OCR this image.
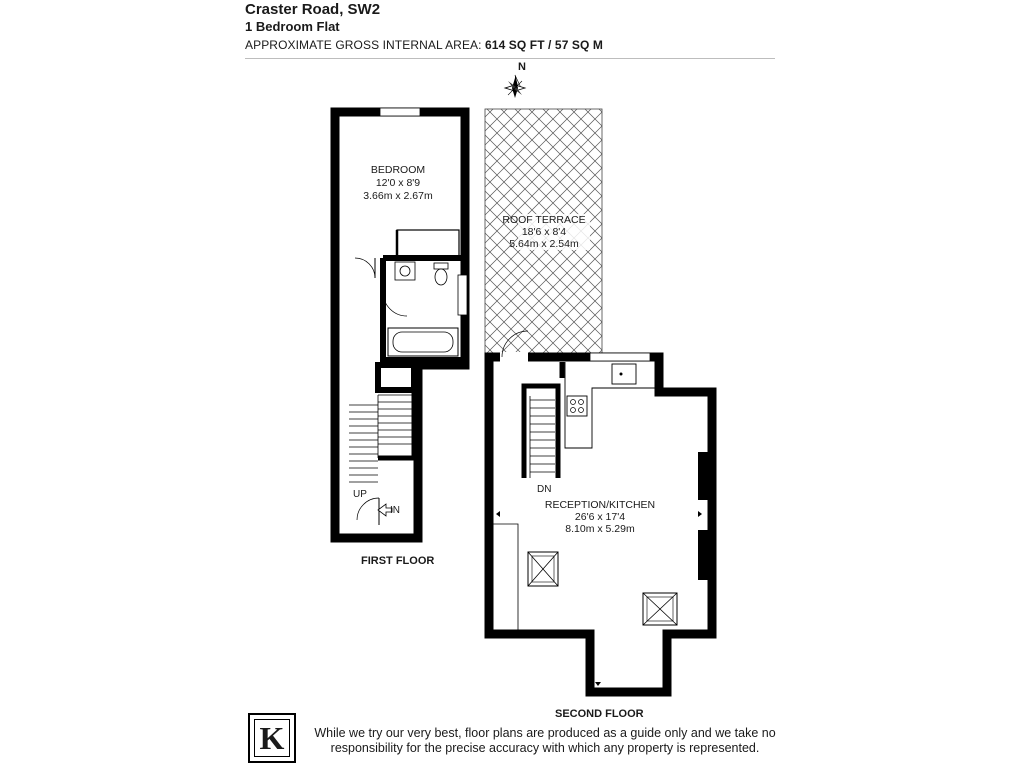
Craster Road, SW2
1 Bedroom Flat
APPROXIMATE GROSS INTERNAL AREA: 614 SQ FT / 57 SQ M
N
BEDROOM
12'0 x 8'9
3.66m x 2.67m
ROOF TERRACE
18'6 x 8'4
5.64m x 2.54m
RECEPTION/KITCHEN
26'6 x 17'4
8.10m x 5.29m
UP
IN
DN
FIRST FLOOR
SECOND FLOOR
K	While we try our very best, floor plans are produced as a guide only and we take no responsibility for the precise accuracy with which any property is represented.
